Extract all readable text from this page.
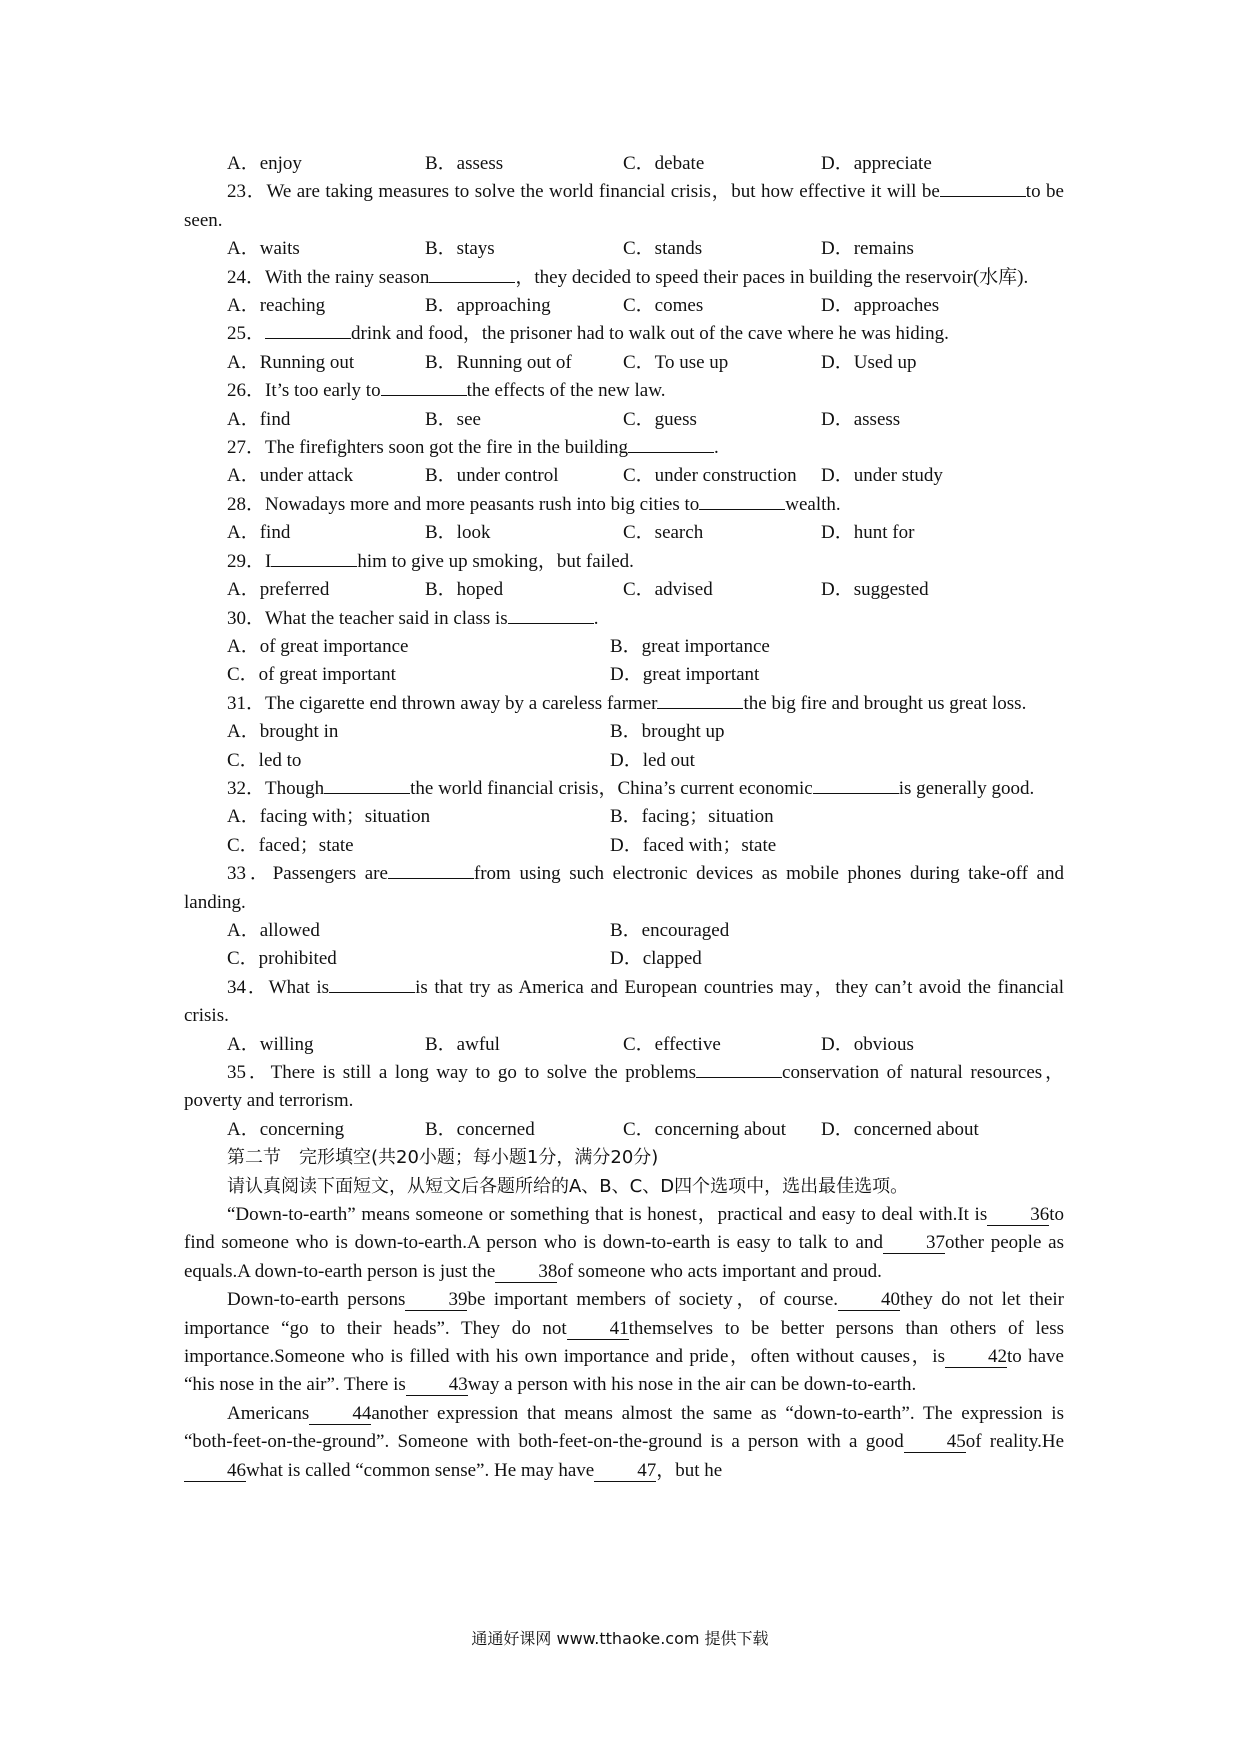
A．enjoy	B．assess	C．debate	D．appreciate
23．We are taking measures to solve the world financial crisis，but how effective it will be	to be seen.
A．waits	B．stays	C．stands	D．remains
24．With the rainy season	，they decided to speed their paces in building the reservoir(水库).
A．reaching	B．approaching	C．comes	D．approaches
25．	drink and food，the prisoner had to walk out of the cave where he was hiding.
A．Running out	B．Running out of	C．To use up	D．Used up
26．It’s too early to	the effects of the new law.
A．find	B．see	C．guess	D．assess
27．The firefighters soon got the fire in the building	.
A．under attack	B．under control	C．under construction	D．under study
28．Nowadays more and more peasants rush into big cities to	wealth.
A．find	B．look	C．search	D．hunt for
29．I	him to give up smoking，but failed.
A．preferred	B．hoped	C．advised	D．suggested
30．What the teacher said in class is	.
A．of great importance	B．great importance
C．of great important	D．great important
31．The cigarette end thrown away by a careless farmer	the big fire and brought us great loss.
A．brought in	B．brought up
C．led to	D．led out
32．Though	the world financial crisis，China’s current economic	is generally good.
A．facing with；situation	B．facing；situation
C．faced；state	D．faced with；state
33．Passengers are	from using such electronic devices as mobile phones during take-off and landing.
A．allowed	B．encouraged
C．prohibited	D．clapped
34．What is	is that try as America and European countries may，they can’t avoid the financial crisis.
A．willing	B．awful	C．effective	D．obvious
35．There is still a long way to go to solve the problems	conservation of natural resources，poverty and terrorism.
A．concerning	B．concerned	C．concerning about	D．concerned about
第二节　完形填空(共20小题；每小题1分，满分20分)
请认真阅读下面短文，从短文后各题所给的A、B、C、D四个选项中，选出最佳选项。
“Down-to-earth” means someone or something that is honest，practical and easy to deal with.It is 36to find someone who is down-to-earth.A person who is down-to-earth is easy to talk to and 37other people as equals.A down-to-earth person is just the 38of someone who acts important and proud.
Down-to-earth persons 39be important members of society，of course. 40they do not let their importance “go to their heads”. They do not 41themselves to be better persons than others of less importance.Someone who is filled with his own importance and pride，often without causes，is 42to have “his nose in the air”. There is 43way a person with his nose in the air can be down-to-earth.
Americans 44another expression that means almost the same as “down-to-earth”. The expression is “both-feet-on-the-ground”. Someone with both-feet-on-the-ground is a person with a good 45of reality.He46what is called “common sense”. He may have 47，but he
通通好课网 www.tthaoke.com 提供下载
